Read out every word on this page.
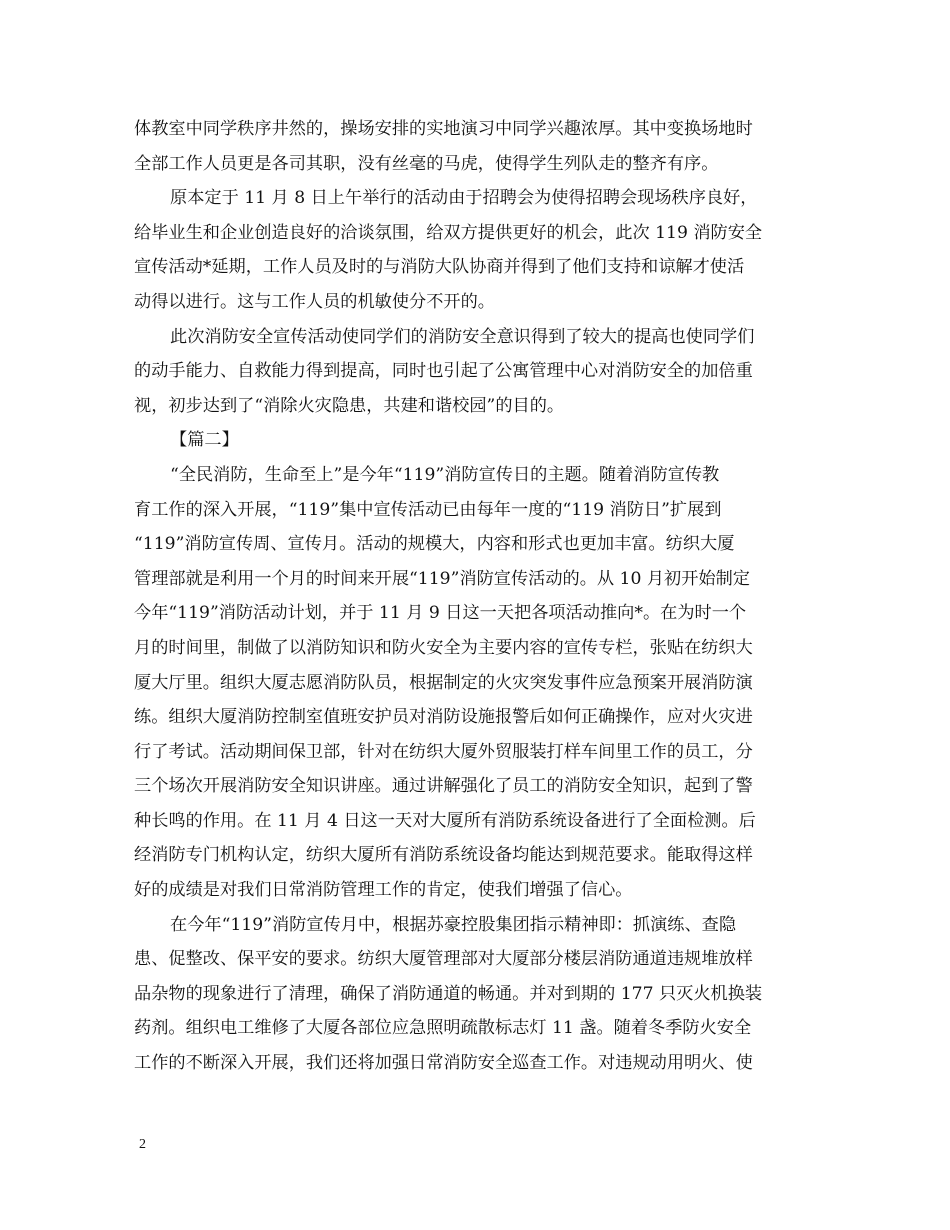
体教室中同学秩序井然的，操场安排的实地演习中同学兴趣浓厚。其中变换场地时
全部工作人员更是各司其职，没有丝毫的马虎，使得学生列队走的整齐有序。
原本定于 11 月 8 日上午举行的活动由于招聘会为使得招聘会现场秩序良好，
给毕业生和企业创造良好的洽谈氛围，给双方提供更好的机会，此次 119 消防安全
宣传活动*延期，工作人员及时的与消防大队协商并得到了他们支持和谅解才使活
动得以进行。这与工作人员的机敏使分不开的。
此次消防安全宣传活动使同学们的消防安全意识得到了较大的提高也使同学们
的动手能力、自救能力得到提高，同时也引起了公寓管理中心对消防安全的加倍重
视，初步达到了“消除火灾隐患，共建和谐校园”的目的。
【篇二】
“全民消防，生命至上”是今年“119”消防宣传日的主题。随着消防宣传教
育工作的深入开展，“119”集中宣传活动已由每年一度的“119 消防日”扩展到
“119”消防宣传周、宣传月。活动的规模大，内容和形式也更加丰富。纺织大厦
管理部就是利用一个月的时间来开展“119”消防宣传活动的。从 10 月初开始制定
今年“119”消防活动计划，并于 11 月 9 日这一天把各项活动推向*。在为时一个
月的时间里，制做了以消防知识和防火安全为主要内容的宣传专栏，张贴在纺织大
厦大厅里。组织大厦志愿消防队员，根据制定的火灾突发事件应急预案开展消防演
练。组织大厦消防控制室值班安护员对消防设施报警后如何正确操作，应对火灾进
行了考试。活动期间保卫部，针对在纺织大厦外贸服装打样车间里工作的员工，分
三个场次开展消防安全知识讲座。通过讲解强化了员工的消防安全知识，起到了警
种长鸣的作用。在 11 月 4 日这一天对大厦所有消防系统设备进行了全面检测。后
经消防专门机构认定，纺织大厦所有消防系统设备均能达到规范要求。能取得这样
好的成绩是对我们日常消防管理工作的肯定，使我们增强了信心。
在今年“119”消防宣传月中，根据苏豪控股集团指示精神即：抓演练、查隐
患、促整改、保平安的要求。纺织大厦管理部对大厦部分楼层消防通道违规堆放样
品杂物的现象进行了清理，确保了消防通道的畅通。并对到期的 177 只灭火机换装
药剂。组织电工维修了大厦各部位应急照明疏散标志灯 11 盏。随着冬季防火安全
工作的不断深入开展，我们还将加强日常消防安全巡查工作。对违规动用明火、使
2
